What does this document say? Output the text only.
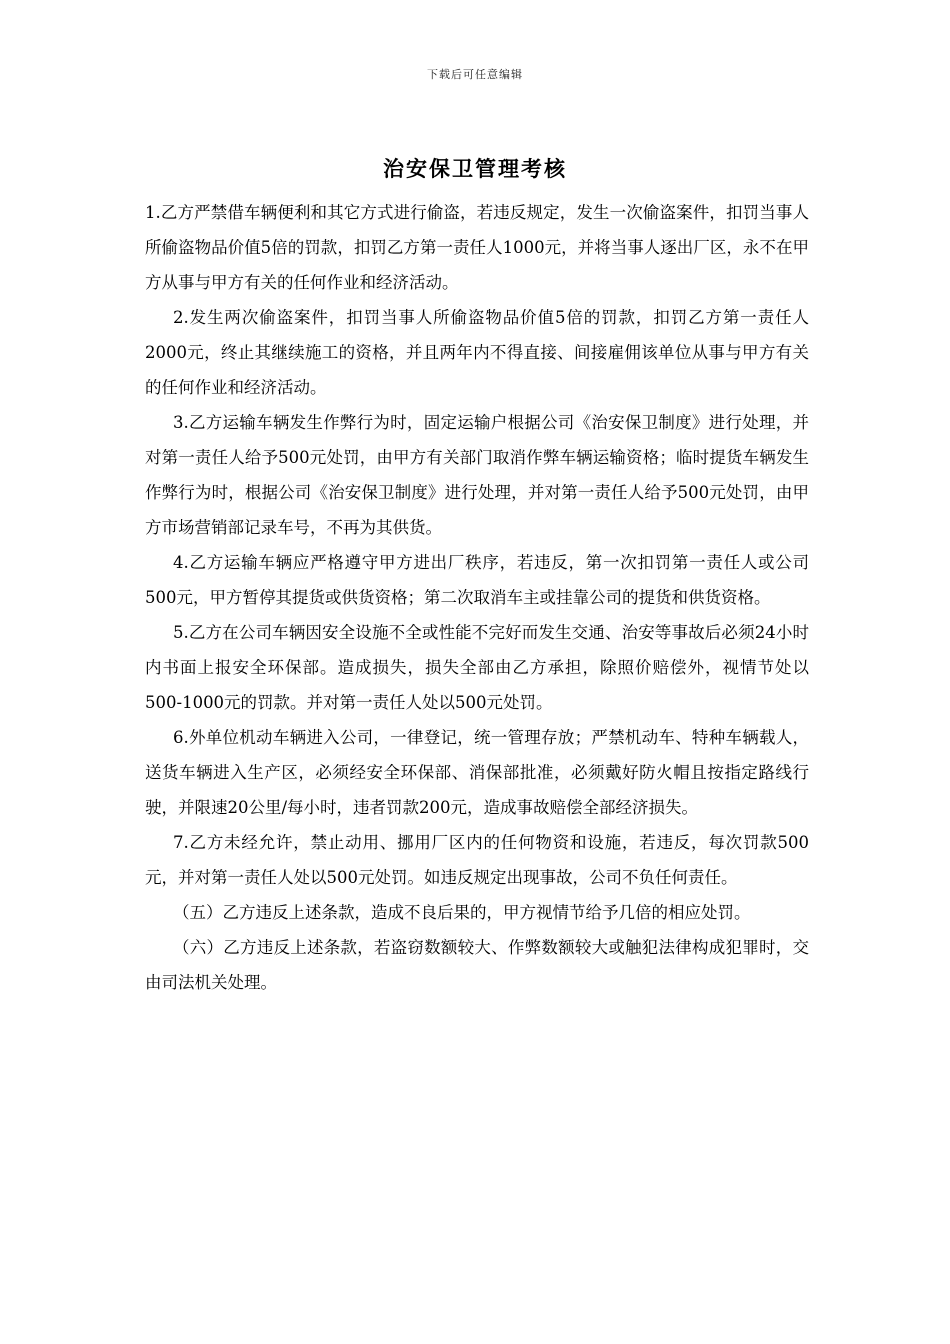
下载后可任意编辑
治安保卫管理考核

1.乙方严禁借车辆便利和其它方式进行偷盗，若违反规定，发生一次偷盗案件，扣罚当事人所偷盗物品价值5倍的罚款，扣罚乙方第一责任人1000元，并将当事人逐出厂区，永不在甲方从事与甲方有关的任何作业和经济活动。

2.发生两次偷盗案件，扣罚当事人所偷盗物品价值5倍的罚款，扣罚乙方第一责任人2000元，终止其继续施工的资格，并且两年内不得直接、间接雇佣该单位从事与甲方有关的任何作业和经济活动。

3.乙方运输车辆发生作弊行为时，固定运输户根据公司《治安保卫制度》进行处理，并对第一责任人给予500元处罚，由甲方有关部门取消作弊车辆运输资格；临时提货车辆发生作弊行为时，根据公司《治安保卫制度》进行处理，并对第一责任人给予500元处罚，由甲方市场营销部记录车号，不再为其供货。

4.乙方运输车辆应严格遵守甲方进出厂秩序，若违反，第一次扣罚第一责任人或公司500元，甲方暂停其提货或供货资格；第二次取消车主或挂靠公司的提货和供货资格。

5.乙方在公司车辆因安全设施不全或性能不完好而发生交通、治安等事故后必须24小时内书面上报安全环保部。造成损失，损失全部由乙方承担，除照价赔偿外，视情节处以500-1000元的罚款。并对第一责任人处以500元处罚。

6.外单位机动车辆进入公司，一律登记，统一管理存放；严禁机动车、特种车辆载人，送货车辆进入生产区，必须经安全环保部、消保部批准，必须戴好防火帽且按指定路线行驶，并限速20公里/每小时，违者罚款200元，造成事故赔偿全部经济损失。

7.乙方未经允许，禁止动用、挪用厂区内的任何物资和设施，若违反，每次罚款500元，并对第一责任人处以500元处罚。如违反规定出现事故，公司不负任何责任。

（五）乙方违反上述条款，造成不良后果的，甲方视情节给予几倍的相应处罚。

（六）乙方违反上述条款，若盗窃数额较大、作弊数额较大或触犯法律构成犯罪时，交由司法机关处理。
